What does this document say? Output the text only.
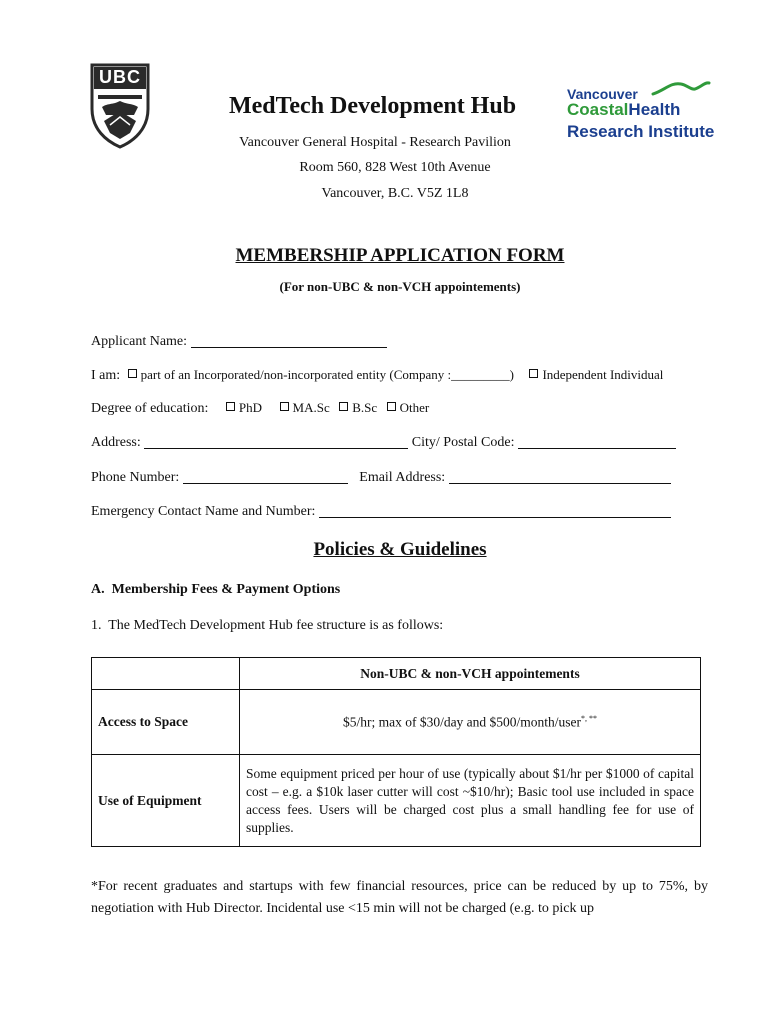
UBC
MedTech Development Hub
Vancouver General Hospital - Research Pavilion
Room 560, 828 West 10th Avenue
Vancouver, B.C. V5Z 1L8
Vancouver
CoastalHealth
Research Institute
MEMBERSHIP APPLICATION FORM
(For non-UBC & non-VCH appointements)
Applicant Name:
I am: part of an Incorporated/non-incorporated entity (Company :_________) Independent Individual
Degree of education: PhD MA.Sc B.Sc Other
Address:	City/ Postal Code:
Phone Number:	Email Address:
Emergency Contact Name and Number:
Policies & Guidelines
A.  Membership Fees & Payment Options
1.  The MedTech Development Hub fee structure is as follows:
	Non-UBC & non-VCH appointements
Access to Space	$5/hr; max of $30/day and $500/month/user*, **
Use of Equipment	Some equipment priced per hour of use (typically about $1/hr per $1000 of capital cost – e.g. a $10k laser cutter will cost ~$10/hr); Basic tool use included in space access fees. Users will be charged cost plus a small handling fee for use of supplies.
*For recent graduates and startups with few financial resources, price can be reduced by up to 75%, by negotiation with Hub Director. Incidental use <15 min will not be charged (e.g. to pick up
